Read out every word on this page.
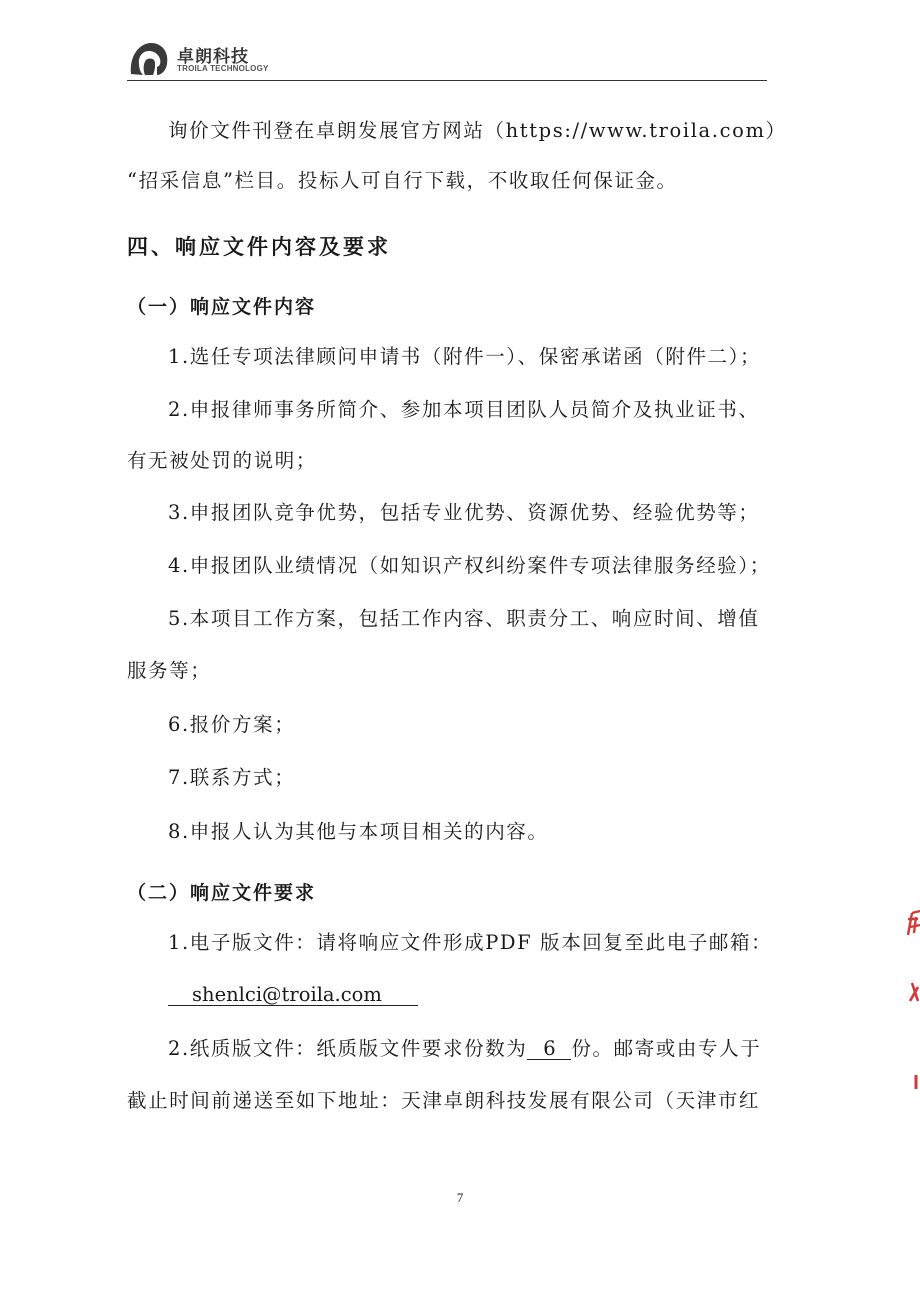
卓朗科技
TROILA TECHNOLOGY
询价文件刊登在卓朗发展官方网站（https://www.troila.com）
“招采信息”栏目。投标人可自行下载，不收取任何保证金。
四、响应文件内容及要求
（一）响应文件内容
1.选任专项法律顾问申请书（附件一）、保密承诺函（附件二）；
2.申报律师事务所简介、参加本项目团队人员简介及执业证书、
有无被处罚的说明；
3.申报团队竞争优势，包括专业优势、资源优势、经验优势等；
4.申报团队业绩情况（如知识产权纠纷案件专项法律服务经验）；
5.本项目工作方案，包括工作内容、职责分工、响应时间、增值
服务等；
6.报价方案；
7.联系方式；
8.申报人认为其他与本项目相关的内容。
（二）响应文件要求
1.电子版文件：请将响应文件形成PDF 版本回复至此电子邮箱：
shenlci@troila.com
2.纸质版文件：纸质版文件要求份数为 6 份。邮寄或由专人于
截止时间前递送至如下地址：天津卓朗科技发展有限公司（天津市红
7
